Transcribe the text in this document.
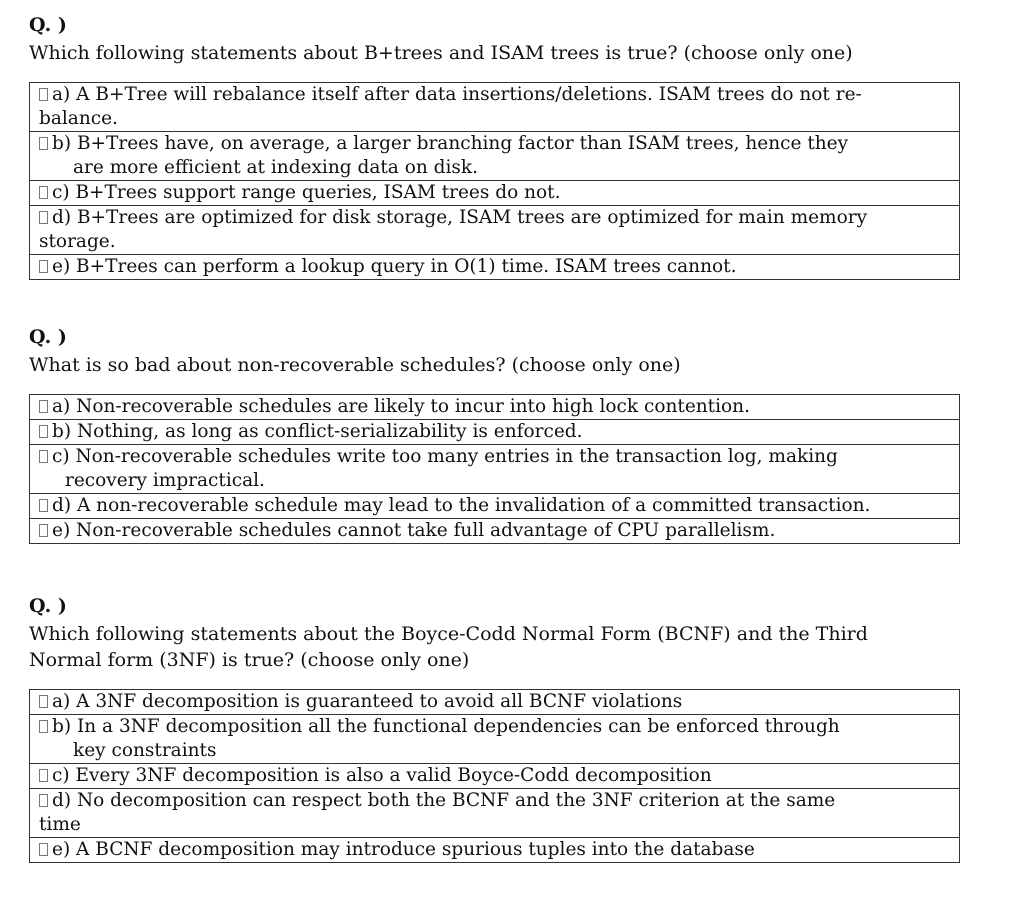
Q. )

Which following statements about B+trees and ISAM trees is true? (choose only one)

a) A B+Tree will rebalance itself after data insertions/deletions. ISAM trees do not re-
balance.
b) B+Trees have, on average, a larger branching factor than ISAM trees, hence they
are more efficient at indexing data on disk.
c) B+Trees support range queries, ISAM trees do not.
d) B+Trees are optimized for disk storage, ISAM trees are optimized for main memory
storage.
e) B+Trees can perform a lookup query in O(1) time. ISAM trees cannot.

Q. )

What is so bad about non-recoverable schedules? (choose only one)

a) Non-recoverable schedules are likely to incur into high lock contention.
b) Nothing, as long as conflict-serializability is enforced.
c) Non-recoverable schedules write too many entries in the transaction log, making
recovery impractical.
d) A non-recoverable schedule may lead to the invalidation of a committed transaction.
e) Non-recoverable schedules cannot take full advantage of CPU parallelism.

Q. )

Which following statements about the Boyce-Codd Normal Form (BCNF) and the Third
Normal form (3NF) is true? (choose only one)

a) A 3NF decomposition is guaranteed to avoid all BCNF violations
b) In a 3NF decomposition all the functional dependencies can be enforced through
key constraints
c) Every 3NF decomposition is also a valid Boyce-Codd decomposition
d) No decomposition can respect both the BCNF and the 3NF criterion at the same
time
e) A BCNF decomposition may introduce spurious tuples into the database
